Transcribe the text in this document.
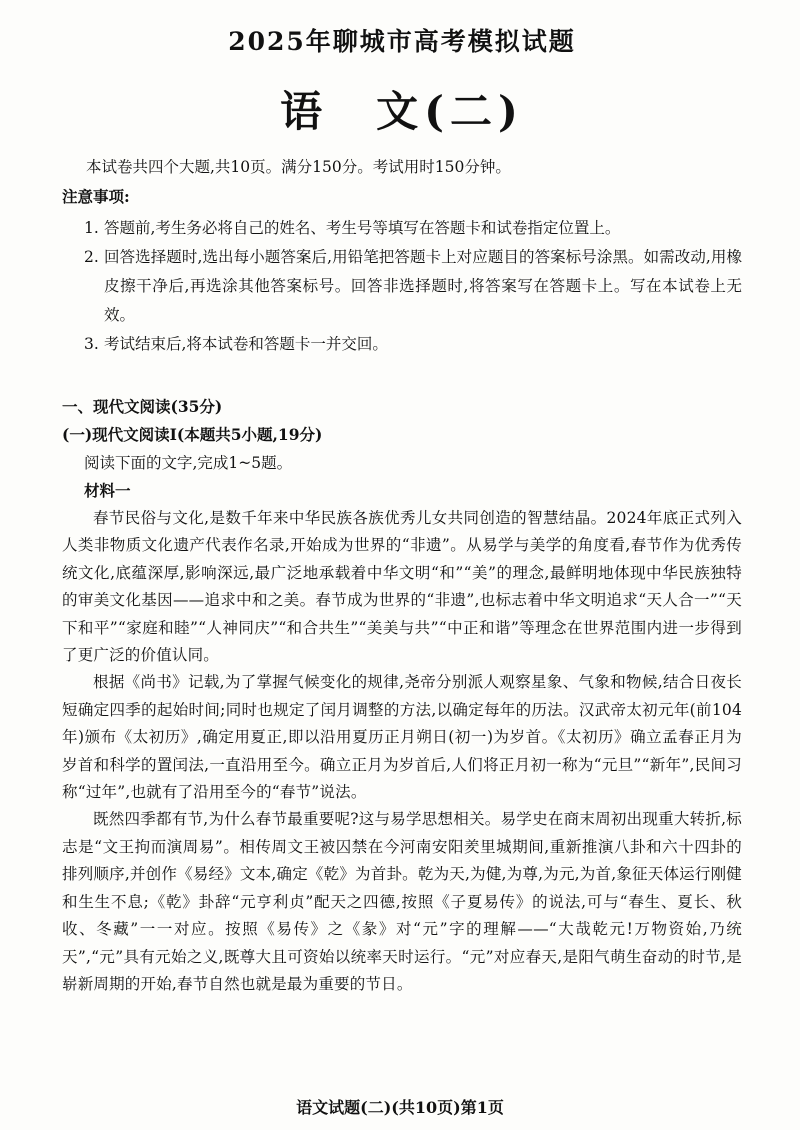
2025年聊城市高考模拟试题
语　文(二)
本试卷共四个大题,共10页。满分150分。考试用时150分钟。
注意事项:
1. 答题前,考生务必将自己的姓名、考生号等填写在答题卡和试卷指定位置上。
2. 回答选择题时,选出每小题答案后,用铅笔把答题卡上对应题目的答案标号涂黑。如需改动,用橡皮擦干净后,再选涂其他答案标号。回答非选择题时,将答案写在答题卡上。写在本试卷上无效。
3. 考试结束后,将本试卷和答题卡一并交回。
一、现代文阅读(35分)
(一)现代文阅读Ⅰ(本题共5小题,19分)
阅读下面的文字,完成1~5题。
材料一

春节民俗与文化,是数千年来中华民族各族优秀儿女共同创造的智慧结晶。2024年底正式列入人类非物质文化遗产代表作名录,开始成为世界的“非遗”。从易学与美学的角度看,春节作为优秀传统文化,底蕴深厚,影响深远,最广泛地承载着中华文明“和”“美”的理念,最鲜明地体现中华民族独特的审美文化基因——追求中和之美。春节成为世界的“非遗”,也标志着中华文明追求“天人合一”“天下和平”“家庭和睦”“人神同庆”“和合共生”“美美与共”“中正和谐”等理念在世界范围内进一步得到了更广泛的价值认同。

根据《尚书》记载,为了掌握气候变化的规律,尧帝分别派人观察星象、气象和物候,结合日夜长短确定四季的起始时间;同时也规定了闰月调整的方法,以确定每年的历法。汉武帝太初元年(前104年)颁布《太初历》,确定用夏正,即以沿用夏历正月朔日(初一)为岁首。《太初历》确立孟春正月为岁首和科学的置闰法,一直沿用至今。确立正月为岁首后,人们将正月初一称为“元旦”“新年”,民间习称“过年”,也就有了沿用至今的“春节”说法。

既然四季都有节,为什么春节最重要呢?这与易学思想相关。易学史在商末周初出现重大转折,标志是“文王拘而演周易”。相传周文王被囚禁在今河南安阳羑里城期间,重新推演八卦和六十四卦的排列顺序,并创作《易经》文本,确定《乾》为首卦。乾为天,为健,为尊,为元,为首,象征天体运行刚健和生生不息;《乾》卦辞“元亨利贞”配天之四德,按照《子夏易传》的说法,可与“春生、夏长、秋收、冬藏”一一对应。按照《易传》之《彖》对“元”字的理解——“大哉乾元!万物资始,乃统天”,“元”具有元始之义,既尊大且可资始以统率天时运行。“元”对应春天,是阳气萌生奋动的时节,是崭新周期的开始,春节自然也就是最为重要的节日。

语文试题(二)(共10页)第1页
